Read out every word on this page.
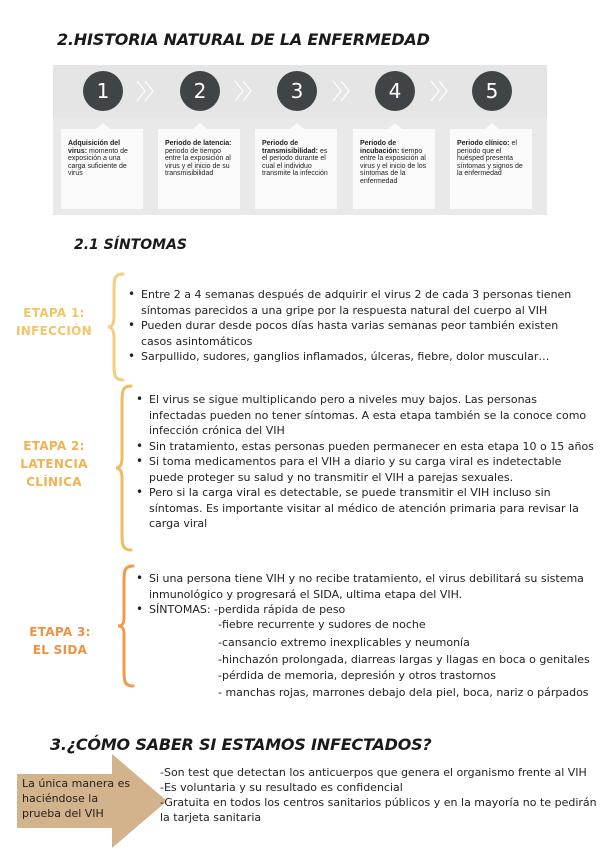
2.HISTORIA NATURAL DE LA ENFERMEDAD
1	2	3	4	5
Adquisición del virus: momento de exposición a una carga suficiente de virus
Periodo de latencia: periodo de tiempo entre la exposición al virus y el inicio de su transmisibilidad
Periodo de transmisibilidad: es el periodo durante el cual el individuo transmite la infección
Periodo de incubación: tiempo entre la exposición al virus y el inicio de los síntomas de la enfermedad
Periodo clínico: el periodo que el huésped presenta síntomas y signos de la enfermedad
2.1 SÍNTOMAS
ETAPA 1:
INFECCIÓN
• Entre 2 a 4 semanas después de adquirir el virus 2 de cada 3 personas tienen síntomas parecidos a una gripe por la respuesta natural del cuerpo al VIH
• Pueden durar desde pocos días hasta varias semanas peor también existen casos asintomáticos
• Sarpullido, sudores, ganglios inflamados, úlceras, fiebre, dolor muscular…
ETAPA 2:
LATENCIA
CLÍNICA
• El virus se sigue multiplicando pero a niveles muy bajos. Las personas infectadas pueden no tener síntomas. A esta etapa también se la conoce como infección crónica del VIH
• Sin tratamiento, estas personas pueden permanecer en esta etapa 10 o 15 años
• Si toma medicamentos para el VIH a diario y su carga viral es indetectable puede proteger su salud y no transmitir el VIH a parejas sexuales.
• Pero si la carga viral es detectable, se puede transmitir el VIH incluso sin síntomas. Es importante visitar al médico de atención primaria para revisar la carga viral
ETAPA 3:
EL SIDA
• Si una persona tiene VIH y no recibe tratamiento, el virus debilitará su sistema inmunológico y progresará el SIDA, ultima etapa del VIH.
• SÍNTOMAS: -perdida rápida de peso
-fiebre recurrente y sudores de noche
-cansancio extremo inexplicables y neumonía
-hinchazón prolongada, diarreas largas y llagas en boca o genitales
-pérdida de memoria, depresión y otros trastornos
- manchas rojas, marrones debajo dela piel, boca, nariz o párpados
3.¿CÓMO SABER SI ESTAMOS INFECTADOS?
La única manera es haciéndose la prueba del VIH
-Son test que detectan los anticuerpos que genera el organismo frente al VIH
-Es voluntaria y su resultado es confidencial
-Gratuita en todos los centros sanitarios públicos y en la mayoría no te pedirán la tarjeta sanitaria
